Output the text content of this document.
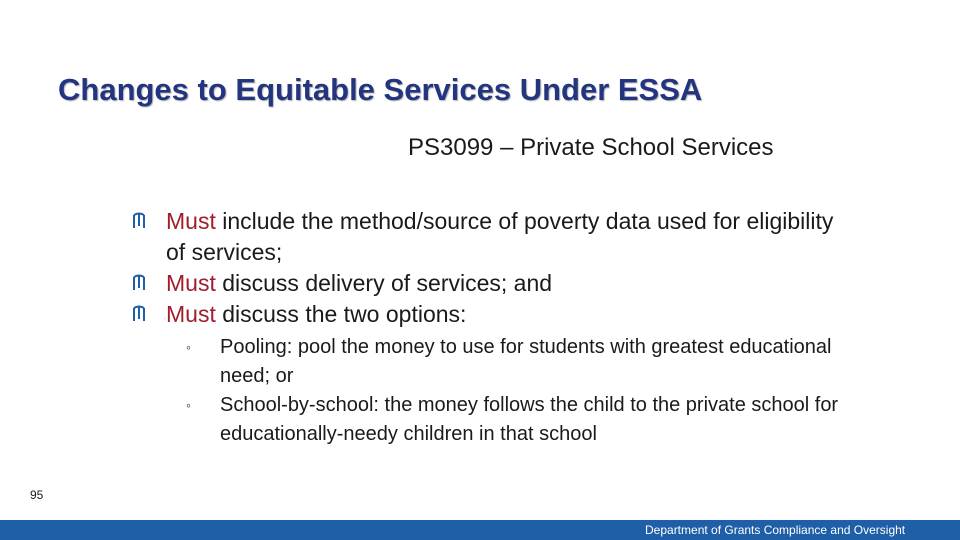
Changes to Equitable Services Under ESSA
PS3099 – Private School Services
Must include the method/source of poverty data used for eligibility of services;
Must discuss delivery of services; and
Must discuss the two options:
◦ Pooling: pool the money to use for students with greatest educational need; or
◦ School-by-school: the money follows the child to the private school for educationally-needy children in that school
95
Department of Grants Compliance and Oversight
